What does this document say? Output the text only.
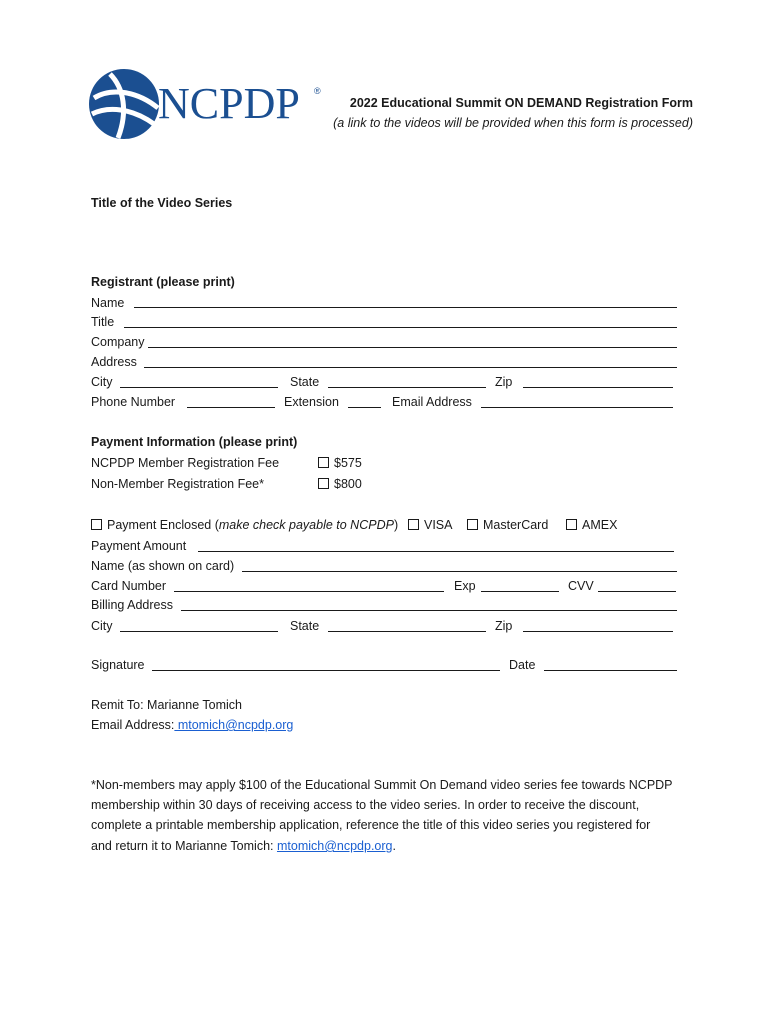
NCPDP ®
2022 Educational Summit ON DEMAND Registration Form
(a link to the videos will be provided when this form is processed)
Title of the Video Series
Registrant (please print)
Name
Title
Company
Address
City	State	Zip
Phone Number	Extension	Email Address
Payment Information (please print)
NCPDP Member Registration Fee	$575
Non-Member Registration Fee*	$800
Payment Enclosed (make check payable to NCPDP)	VISA	MasterCard	AMEX
Payment Amount
Name (as shown on card)
Card Number	Exp	CVV
Billing Address
City	State	Zip
Signature	Date
Remit To: Marianne Tomich
Email Address: mtomich@ncpdp.org
*Non-members may apply $100 of the Educational Summit On Demand video series fee towards NCPDP
membership within 30 days of receiving access to the video series. In order to receive the discount,
complete a printable membership application, reference the title of this video series you registered for
and return it to Marianne Tomich: mtomich@ncpdp.org.
